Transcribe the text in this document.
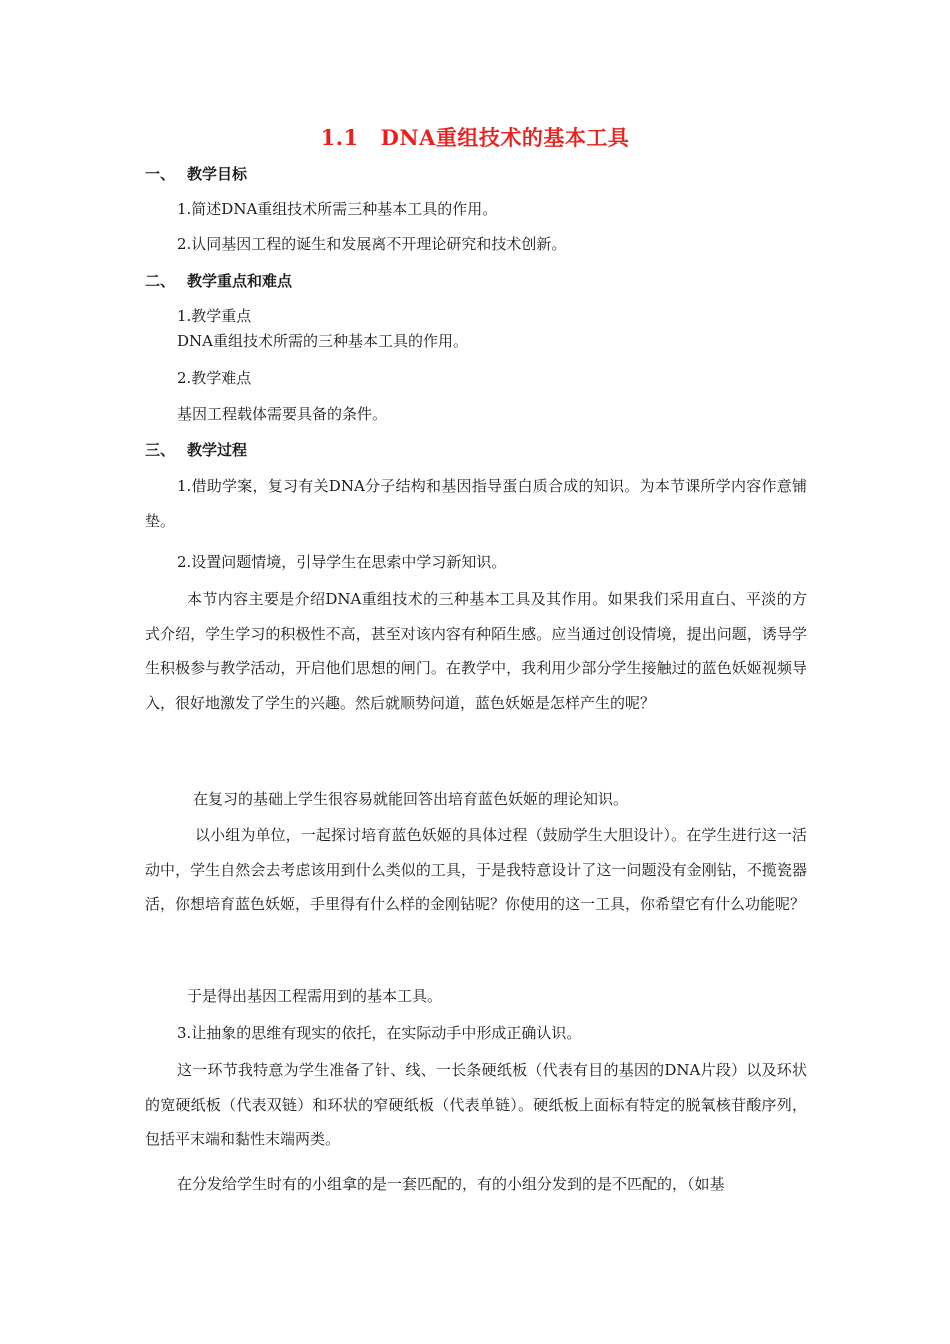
1.1 DNA重组技术的基本工具
一、 教学目标
1.简述DNA重组技术所需三种基本工具的作用。
2.认同基因工程的诞生和发展离不开理论研究和技术创新。
二、 教学重点和难点
1.教学重点
DNA重组技术所需的三种基本工具的作用。
2.教学难点
基因工程载体需要具备的条件。
三、 教学过程
1.借助学案，复习有关DNA分子结构和基因指导蛋白质合成的知识。为本节课所学内容作意铺垫。
2.设置问题情境，引导学生在思索中学习新知识。
本节内容主要是介绍DNA重组技术的三种基本工具及其作用。如果我们采用直白、平淡的方式介绍，学生学习的积极性不高，甚至对该内容有种陌生感。应当通过创设情境，提出问题，诱导学生积极参与教学活动，开启他们思想的闸门。在教学中，我利用少部分学生接触过的蓝色妖姬视频导入，很好地激发了学生的兴趣。然后就顺势问道，蓝色妖姬是怎样产生的呢？
在复习的基础上学生很容易就能回答出培育蓝色妖姬的理论知识。
以小组为单位，一起探讨培育蓝色妖姬的具体过程（鼓励学生大胆设计）。在学生进行这一活动中，学生自然会去考虑该用到什么类似的工具，于是我特意设计了这一问题没有金刚钻，不揽瓷器活，你想培育蓝色妖姬，手里得有什么样的金刚钻呢？你使用的这一工具，你希望它有什么功能呢？
于是得出基因工程需用到的基本工具。
3.让抽象的思维有现实的依托，在实际动手中形成正确认识。
这一环节我特意为学生准备了针、线、一长条硬纸板（代表有目的基因的DNA片段）以及环状的宽硬纸板（代表双链）和环状的窄硬纸板（代表单链）。硬纸板上面标有特定的脱氧核苷酸序列，包括平末端和黏性末端两类。
在分发给学生时有的小组拿的是一套匹配的，有的小组分发到的是不匹配的，（如基
